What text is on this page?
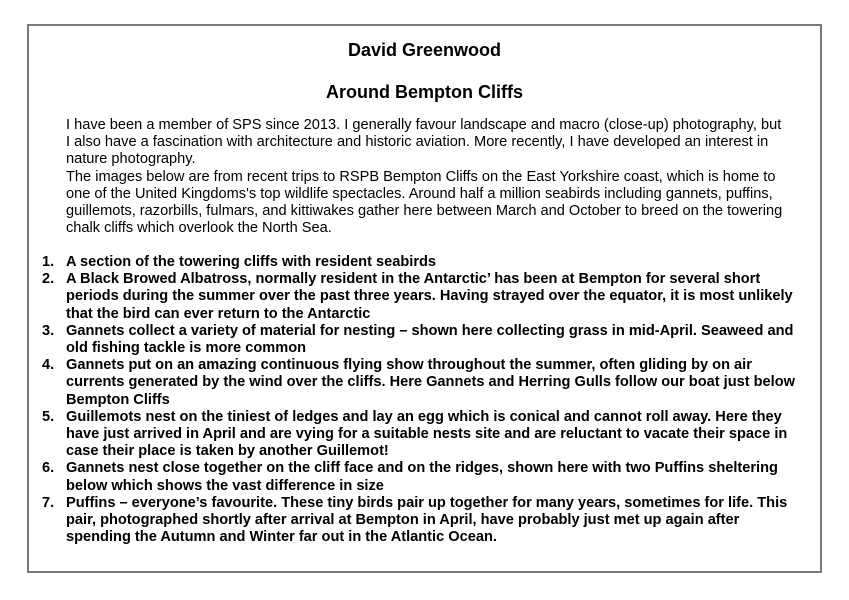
David Greenwood
Around Bempton Cliffs

I have been a member of SPS since 2013. I generally favour landscape and macro (close-up) photography, but I also have a fascination with architecture and historic aviation. More recently, I have developed an interest in nature photography.

The images below are from recent trips to RSPB Bempton Cliffs on the East Yorkshire coast, which is home to one of the United Kingdoms's top wildlife spectacles. Around half a million seabirds including gannets, puffins, guillemots, razorbills, fulmars, and kittiwakes gather here between March and October to breed on the towering chalk cliffs which overlook the North Sea.

1. A section of the towering cliffs with resident seabirds
2. A Black Browed Albatross, normally resident in the Antarctic’ has been at Bempton for several short periods during the summer over the past three years. Having strayed over the equator, it is most unlikely that the bird can ever return to the Antarctic
3. Gannets collect a variety of material for nesting – shown here collecting grass in mid-April. Seaweed and old fishing tackle is more common
4. Gannets put on an amazing continuous flying show throughout the summer, often gliding by on air currents generated by the wind over the cliffs. Here Gannets and Herring Gulls follow our boat just below Bempton Cliffs
5. Guillemots nest on the tiniest of ledges and lay an egg which is conical and cannot roll away. Here they have just arrived in April and are vying for a suitable nests site and are reluctant to vacate their space in case their place is taken by another Guillemot!
6. Gannets nest close together on the cliff face and on the ridges, shown here with two Puffins sheltering below which shows the vast difference in size
7. Puffins – everyone’s favourite. These tiny birds pair up together for many years, sometimes for life. This pair, photographed shortly after arrival at Bempton in April, have probably just met up again after spending the Autumn and Winter far out in the Atlantic Ocean.
